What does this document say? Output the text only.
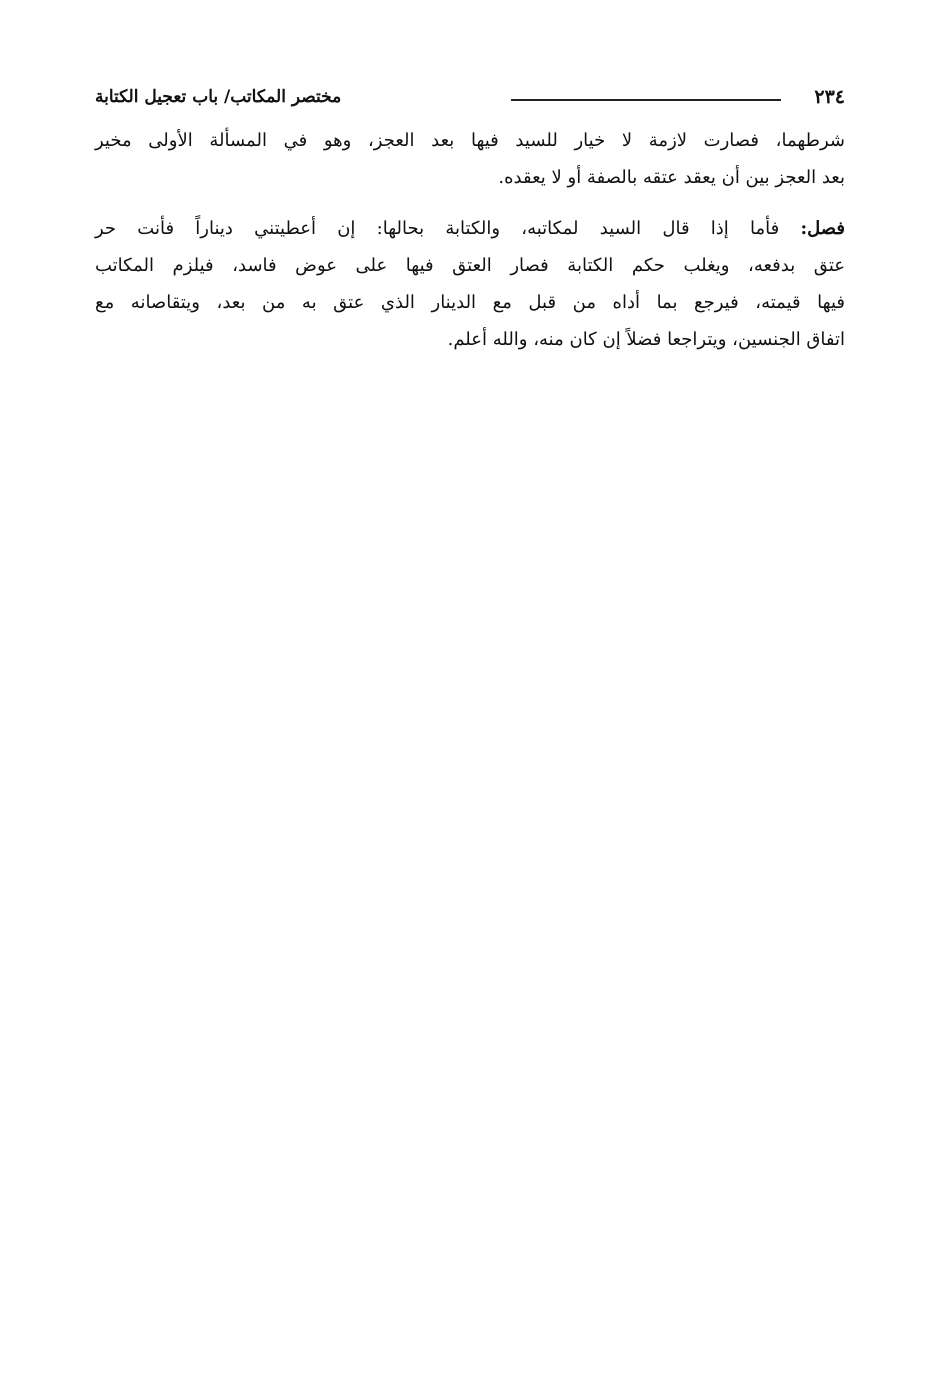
٢٣٤
مختصر المكاتب/ باب تعجيل الكتابة

شرطهما، فصارت لازمة لا خيار للسيد فيها بعد العجز، وهو في المسألة الأولى مخير
بعد العجز بين أن يعقد عتقه بالصفة أو لا يعقده.

فصل: فأما إذا قال السيد لمكاتبه، والكتابة بحالها: إن أعطيتني ديناراً فأنت حر
عتق بدفعه، ويغلب حكم الكتابة فصار العتق فيها على عوض فاسد، فيلزم المكاتب
فيها قيمته، فيرجع بما أداه من قبل مع الدينار الذي عتق به من بعد، ويتقاصانه مع
اتفاق الجنسين، ويتراجعا فضلاً إن كان منه، والله أعلم.
